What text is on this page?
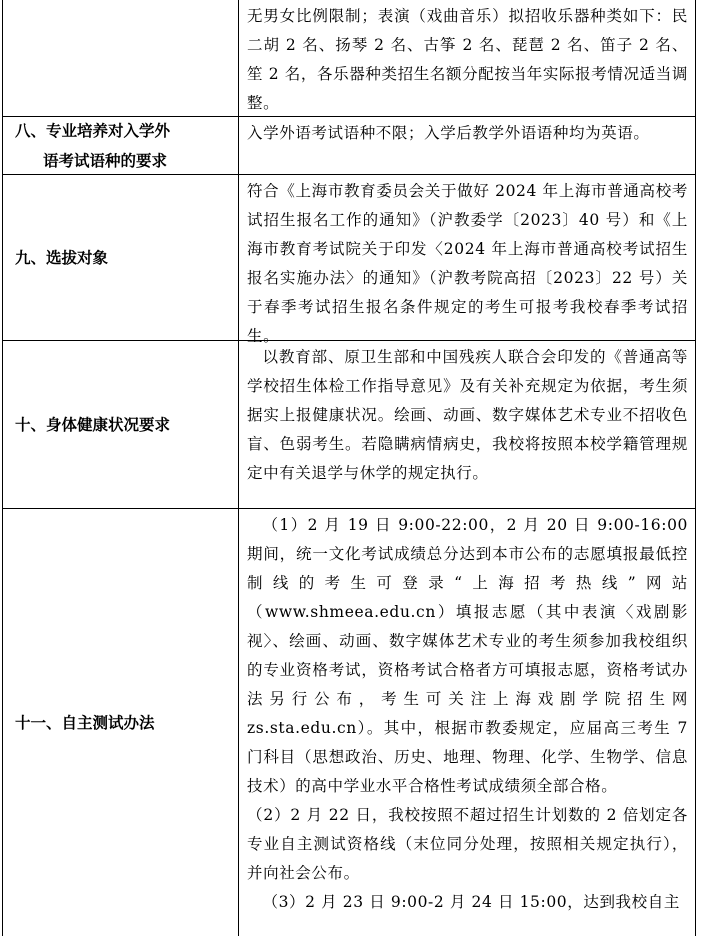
无男女比例限制；表演（戏曲音乐）拟招收乐器种类如下：民二胡 2 名、扬琴 2 名、古筝 2 名、琵琶 2 名、笛子 2 名、笙 2 名，各乐器种类招生名额分配按当年实际报考情况适当调整。

八、专业培养对入学外

语考试语种的要求

入学外语考试语种不限；入学后教学外语语种均为英语。

九、选拔对象

符合《上海市教育委员会关于做好 2024 年上海市普通高校考试招生报名工作的通知》（沪教委学〔2023〕40 号）和《上海市教育考试院关于印发〈2024 年上海市普通高校考试招生报名实施办法〉的通知》（沪教考院高招〔2023〕22 号）关于春季考试招生报名条件规定的考生可报考我校春季考试招生。

十、身体健康状况要求

以教育部、原卫生部和中国残疾人联合会印发的《普通高等学校招生体检工作指导意见》及有关补充规定为依据，考生须据实上报健康状况。绘画、动画、数字媒体艺术专业不招收色盲、色弱考生。若隐瞒病情病史，我校将按照本校学籍管理规定中有关退学与休学的规定执行。

十一、自主测试办法

（1）2 月 19 日 9:00-22:00，2 月 20 日 9:00-16:00 期间，统一文化考试成绩总分达到本市公布的志愿填报最低控制线的考生可登录“上海招考热线”网站（www.shmeea.edu.cn）填报志愿（其中表演〈戏剧影视〉、绘画、动画、数字媒体艺术专业的考生须参加我校组织的专业资格考试，资格考试合格者方可填报志愿，资格考试办法另行公布，考生可关注上海戏剧学院招生网 zs.sta.edu.cn）。其中，根据市教委规定，应届高三考生 7 门科目（思想政治、历史、地理、物理、化学、生物学、信息技术）的高中学业水平合格性考试成绩须全部合格。

（2）2 月 22 日，我校按照不超过招生计划数的 2 倍划定各专业自主测试资格线（末位同分处理，按照相关规定执行），并向社会公布。

（3）2 月 23 日 9:00-2 月 24 日 15:00，达到我校自主
